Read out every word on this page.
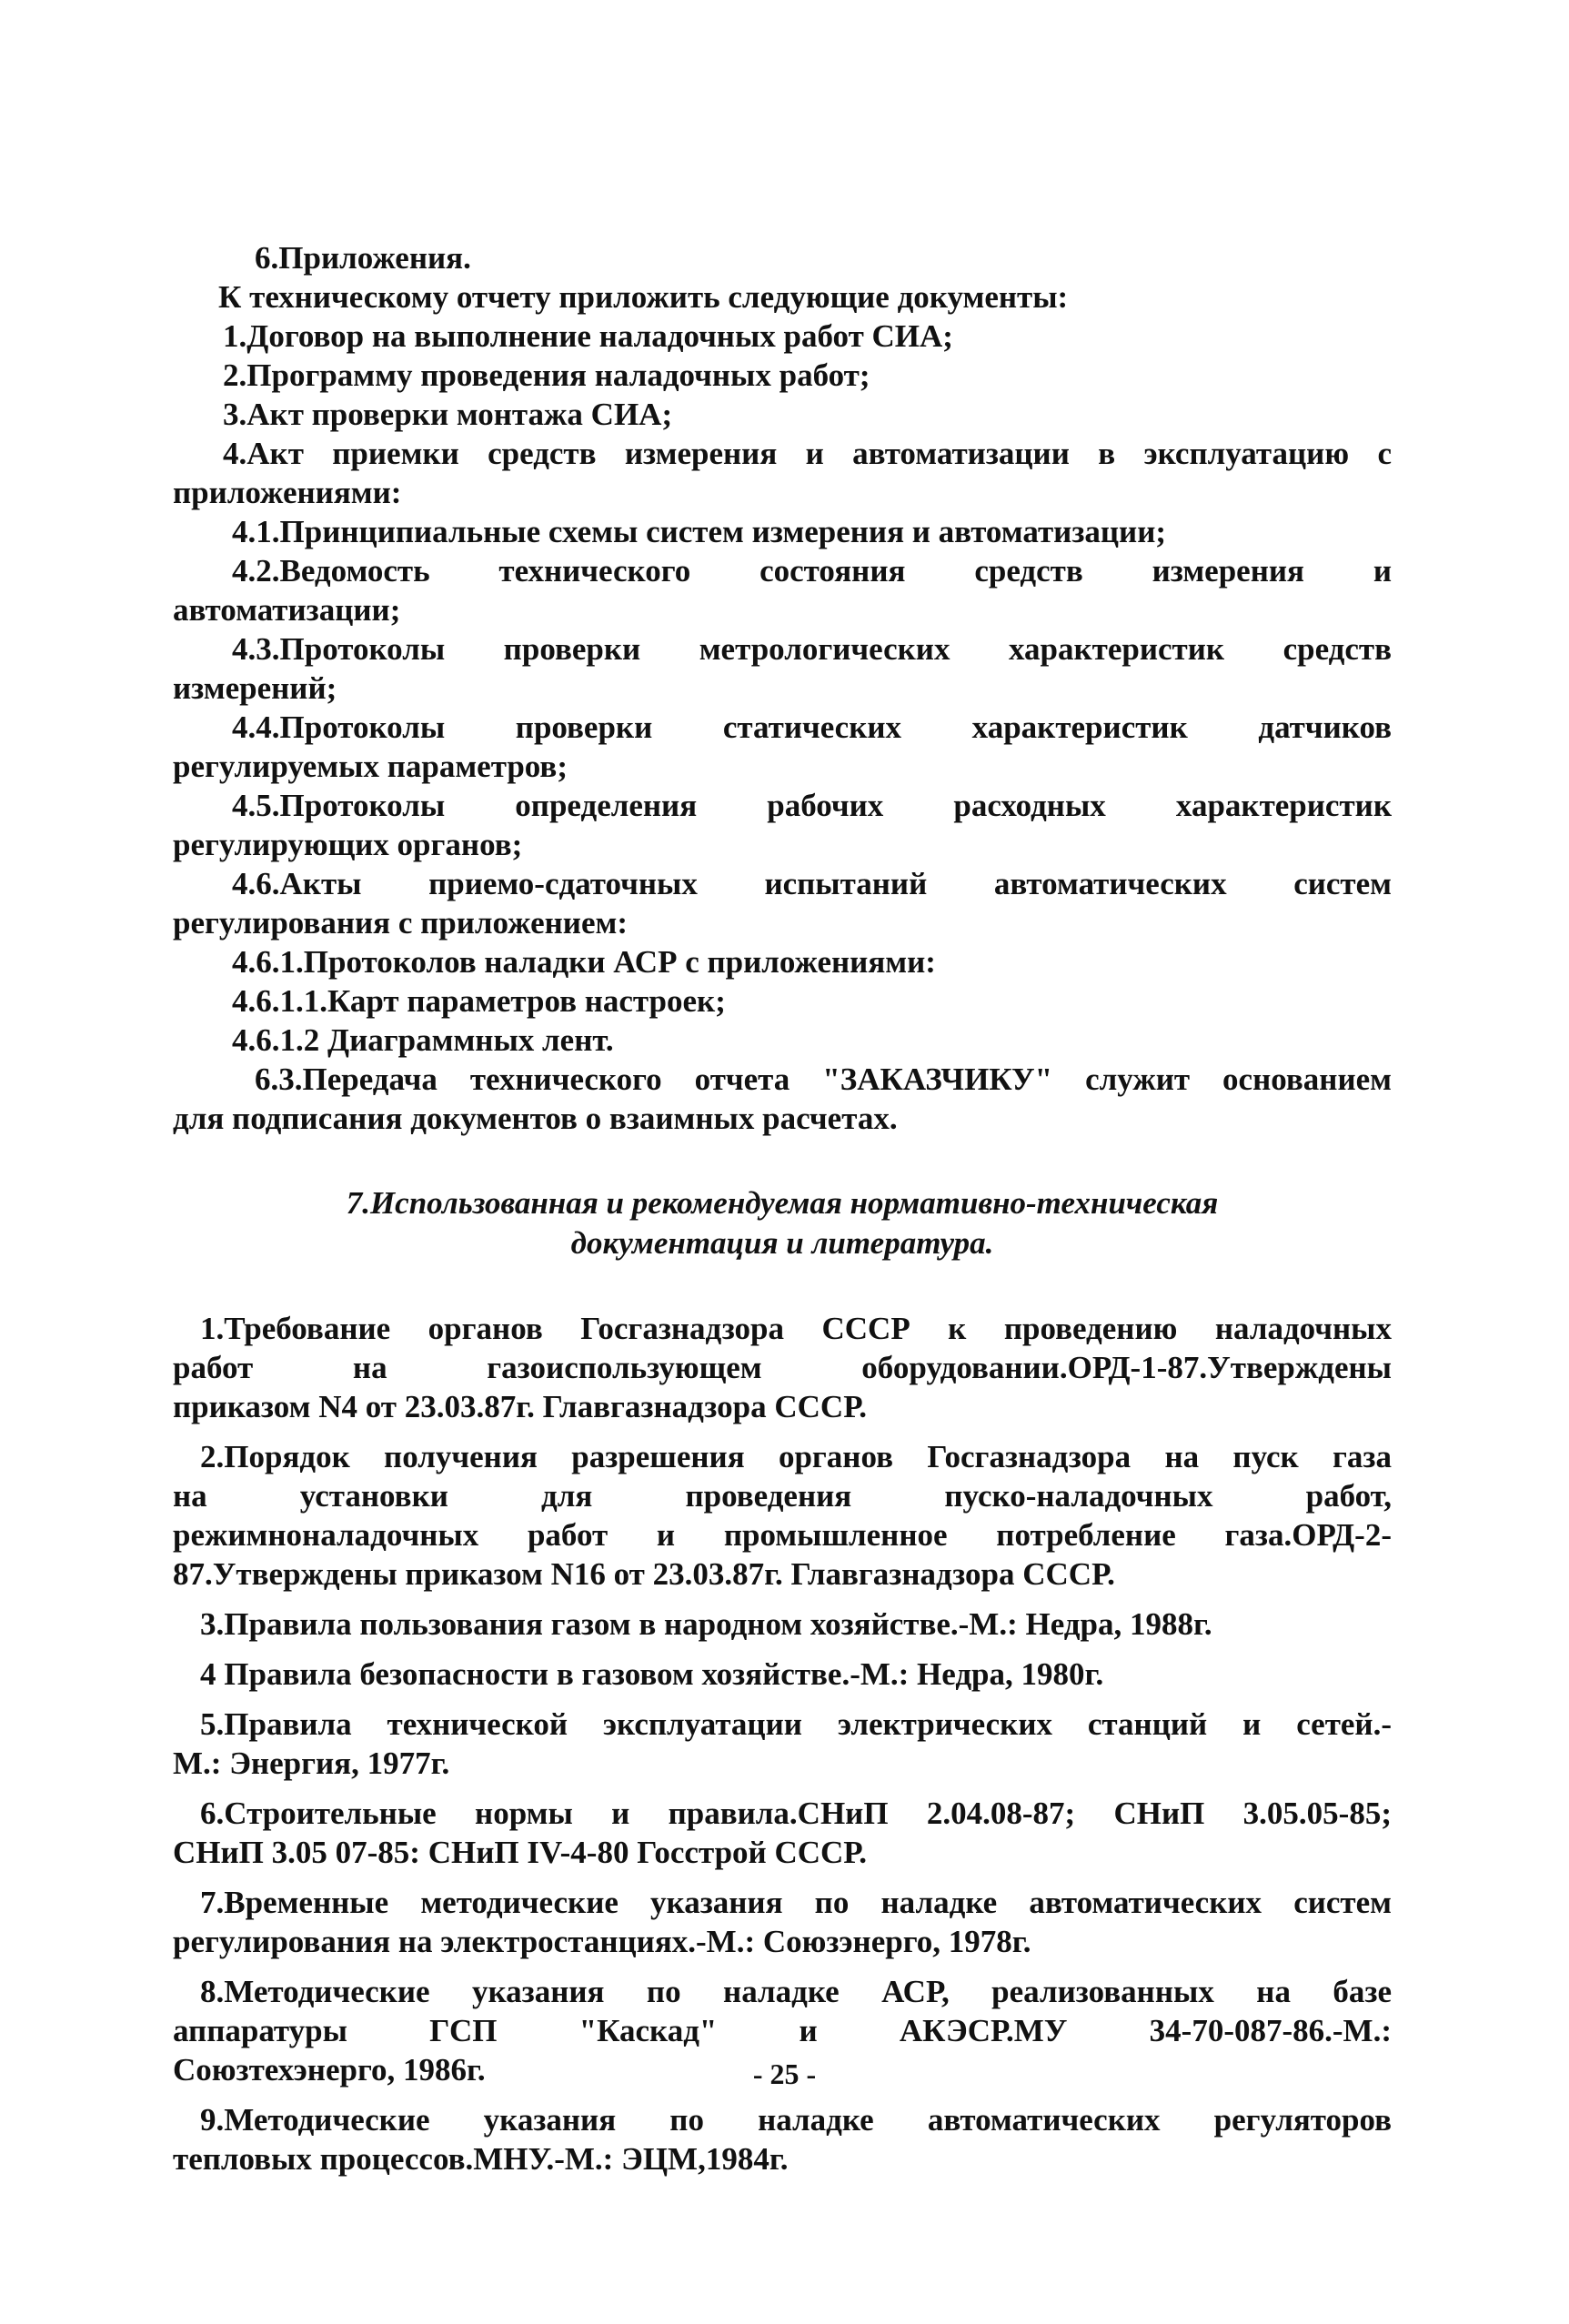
6.Приложения.

К техническому отчету приложить следующие документы:

1.Договор на выполнение наладочных работ СИА;

2.Программу проведения наладочных работ;

3.Акт проверки монтажа СИА;

4.Акт приемки средств измерения и автоматизации в эксплуатацию с

приложениями:

4.1.Принципиальные схемы систем измерения и автоматизации;

4.2.Ведомость технического состояния средств измерения и

автоматизации;

4.3.Протоколы проверки метрологических характеристик средств

измерений;

4.4.Протоколы проверки статических характеристик датчиков

регулируемых параметров;

4.5.Протоколы определения рабочих расходных характеристик

регулирующих органов;

4.6.Акты приемо-сдаточных испытаний автоматических систем

регулирования с приложением:

4.6.1.Протоколов наладки АСР с приложениями:

4.6.1.1.Карт параметров настроек;

4.6.1.2 Диаграммных лент.

6.3.Передача технического отчета "ЗАКАЗЧИКУ" служит основанием

для подписания документов о взаимных расчетах.

7.Использованная и рекомендуемая нормативно-техническая
документация и литература.

1.Требование органов Госгазнадзора СССР к проведению наладочных

работ на газоиспользующем оборудовании.ОРД-1-87.Утверждены

приказом N4 от 23.03.87г. Главгазнадзора СССР.

2.Порядок получения разрешения органов Госгазнадзора на пуск газа

на установки для проведения пуско-наладочных работ,

режимноналадочных работ и промышленное потребление газа.ОРД-2-

87.Утверждены приказом N16 от 23.03.87г. Главгазнадзора СССР.

3.Правила пользования газом в народном хозяйстве.-М.: Недра, 1988г.

4 Правила безопасности в газовом хозяйстве.-М.: Недра, 1980г.

5.Правила технической эксплуатации электрических станций и сетей.-

М.: Энергия, 1977г.

6.Строительные нормы и правила.СНиП 2.04.08-87; СНиП 3.05.05-85;

СНиП 3.05 07-85: СНиП IV-4-80 Госстрой СССР.

7.Временные методические указания по наладке автоматических систем

регулирования на электростанциях.-М.: Союзэнерго, 1978г.

8.Методические указания по наладке АСР, реализованных на базе

аппаратуры ГСП "Каскад" и АКЭСР.МУ 34-70-087-86.-М.:

Союзтехэнерго, 1986г.

9.Методические указания по наладке автоматических регуляторов

тепловых процессов.МНУ.-М.: ЭЦМ,1984г.

- 25 -
